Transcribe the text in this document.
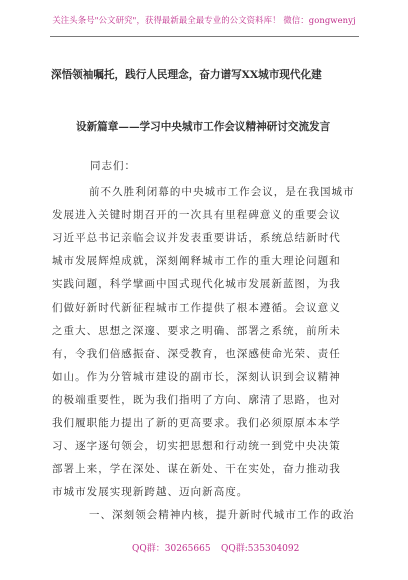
关注头条号"公文研究"，获得最新最全最专业的公文资料库！ 微信：gongwenyj
深悟领袖嘱托，践行人民理念，奋力谱写XX城市现代化建
设新篇章——学习中央城市工作会议精神研讨交流发言
同志们：

前不久胜利闭幕的中央城市工作会议，是在我国城市
发展进入关键时期召开的一次具有里程碑意义的重要会议
习近平总书记亲临会议并发表重要讲话，系统总结新时代
城市发展辉煌成就，深刻阐释城市工作的重大理论问题和
实践问题，科学擘画中国式现代化城市发展新蓝图，为我
们做好新时代新征程城市工作提供了根本遵循。会议意义
之重大、思想之深邃、要求之明确、部署之系统，前所未
有，令我们倍感振奋、深受教育，也深感使命光荣、责任
如山。作为分管城市建设的副市长，深刻认识到会议精神
的极端重要性，既为我们指明了方向、廓清了思路，也对
我们履职能力提出了新的更高要求。我们必须原原本本学
习、逐字逐句领会，切实把思想和行动统一到党中央决策
部署上来，学在深处、谋在新处、干在实处，奋力推动我
市城市发展实现新跨越、迈向新高度。
一、深刻领会精神内核，提升新时代城市工作的政治
QQ群：30265665 QQ群:535304092
